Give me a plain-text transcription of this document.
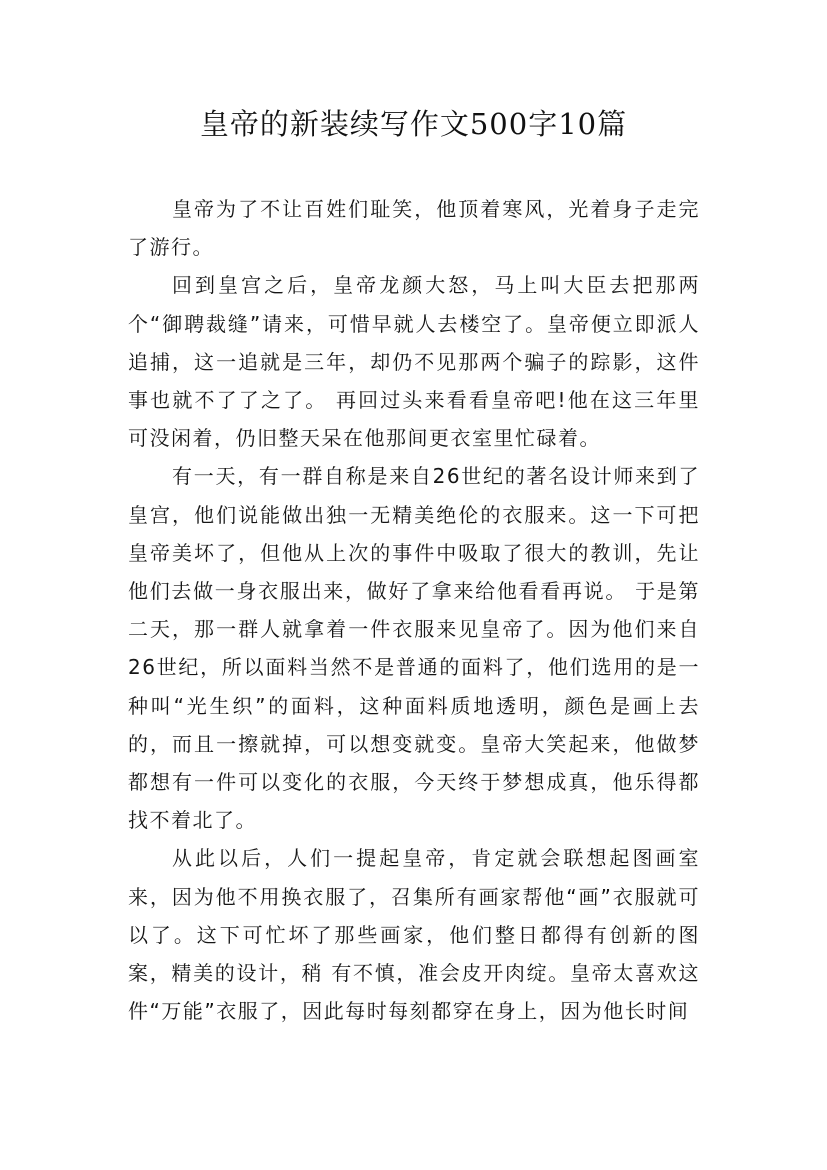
皇帝的新装续写作文500字10篇

皇帝为了不让百姓们耻笑，他顶着寒风，光着身子走完了游行。

回到皇宫之后，皇帝龙颜大怒，马上叫大臣去把那两个“御聘裁缝”请来，可惜早就人去楼空了。皇帝便立即派人追捕，这一追就是三年，却仍不见那两个骗子的踪影，这件事也就不了了之了。 再回过头来看看皇帝吧!他在这三年里可没闲着，仍旧整天呆在他那间更衣室里忙碌着。

有一天，有一群自称是来自26世纪的著名设计师来到了皇宫，他们说能做出独一无精美绝伦的衣服来。这一下可把皇帝美坏了，但他从上次的事件中吸取了很大的教训，先让他们去做一身衣服出来，做好了拿来给他看看再说。 于是第二天，那一群人就拿着一件衣服来见皇帝了。因为他们来自26世纪，所以面料当然不是普通的面料了，他们选用的是一种叫“光生织”的面料，这种面料质地透明，颜色是画上去的，而且一擦就掉，可以想变就变。皇帝大笑起来，他做梦都想有一件可以变化的衣服，今天终于梦想成真，他乐得都找不着北了。

从此以后，人们一提起皇帝，肯定就会联想起图画室来，因为他不用换衣服了，召集所有画家帮他“画”衣服就可以了。这下可忙坏了那些画家，他们整日都得有创新的图案，精美的设计，稍 有不慎，准会皮开肉绽。皇帝太喜欢这件“万能”衣服了，因此每时每刻都穿在身上，因为他长时间
